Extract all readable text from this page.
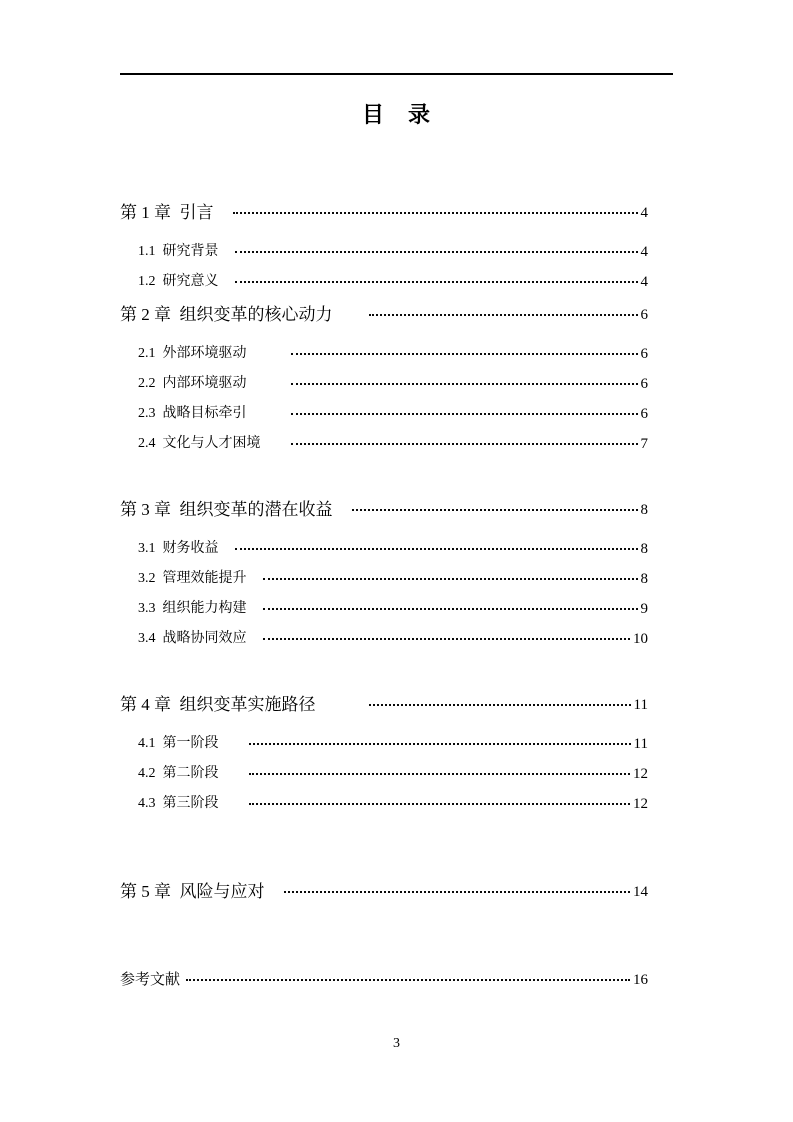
目　录
第 1 章  引言　	4
1.1  研究背景　	4
1.2  研究意义　	4
第 2 章  组织变革的核心动力　　	6
2.1  外部环境驱动　　　	6
2.2  内部环境驱动　　　	6
2.3  战略目标牵引　　　	6
2.4  文化与人才困境　　	7
第 3 章  组织变革的潜在收益　	8
3.1  财务收益　	8
3.2  管理效能提升　	8
3.3  组织能力构建　	9
3.4  战略协同效应　	10
第 4 章  组织变革实施路径　　　	11
4.1  第一阶段　　	11
4.2  第二阶段　　	12
4.3  第三阶段　　	12
第 5 章  风险与应对　	14
参考文献	16
3
